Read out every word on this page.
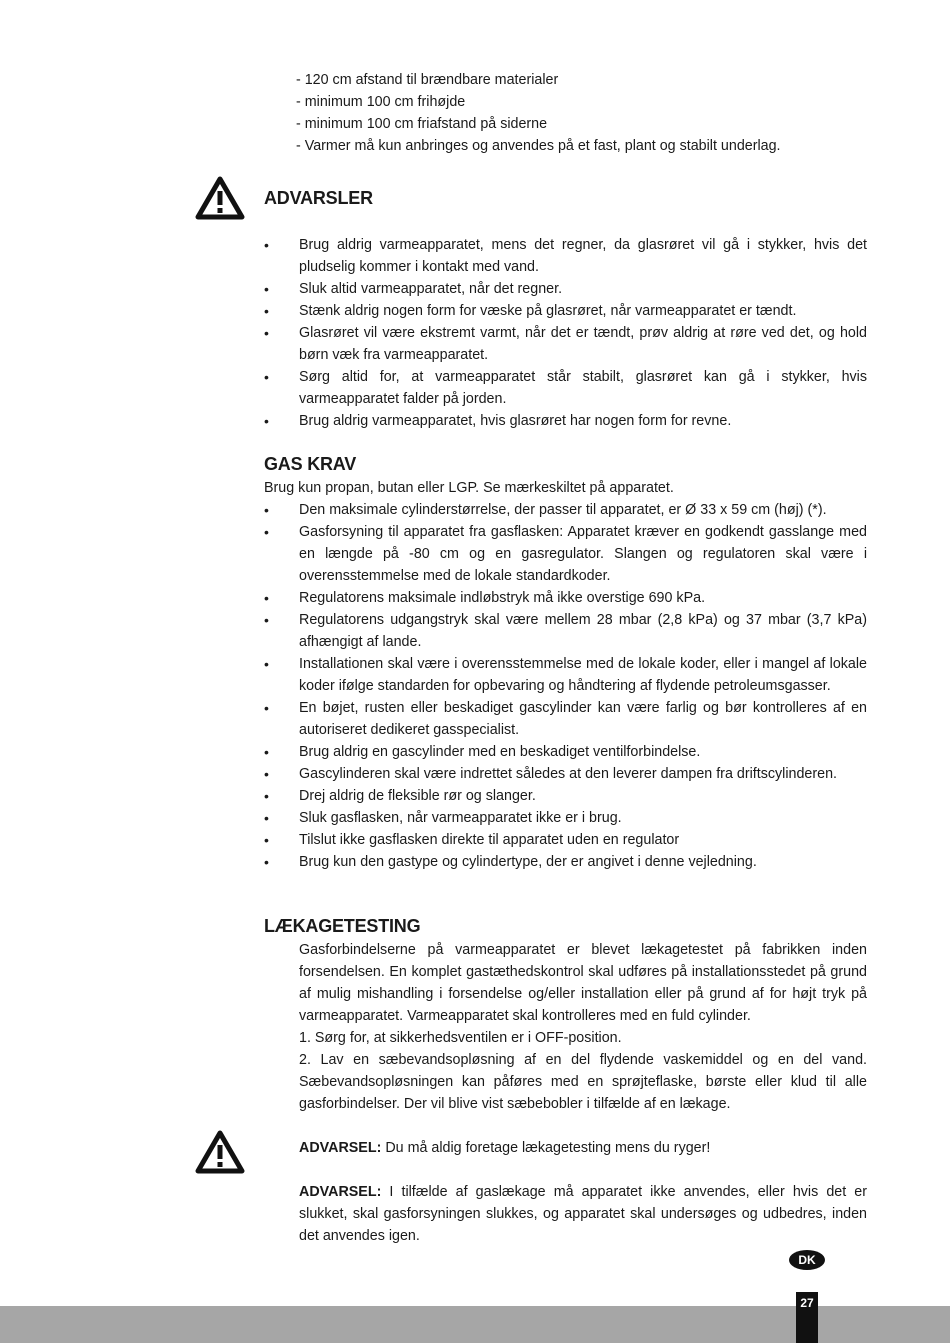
- 120 cm afstand til brændbare materialer
- minimum 100 cm frihøjde
- minimum 100 cm friafstand på siderne
- Varmer må kun anbringes og anvendes på et fast, plant og stabilt underlag.
ADVARSLER
• Brug aldrig varmeapparatet, mens det regner, da glasrøret vil gå i stykker, hvis det pludselig kommer i kontakt med vand.
• Sluk altid varmeapparatet, når det regner.
• Stænk aldrig nogen form for væske på glasrøret, når varmeapparatet er tændt.
• Glasrøret vil være ekstremt varmt, når det er tændt, prøv aldrig at røre ved det, og hold børn væk fra varmeapparatet.
• Sørg altid for, at varmeapparatet står stabilt, glasrøret kan gå i stykker, hvis varmeapparatet falder på jorden.
• Brug aldrig varmeapparatet, hvis glasrøret har nogen form for revne.
GAS KRAV

Brug kun propan, butan eller LGP. Se mærkeskiltet på apparatet.

• Den maksimale cylinderstørrelse, der passer til apparatet, er Ø 33 x 59 cm (høj) (*).
• Gasforsyning til apparatet fra gasflasken: Apparatet kræver en godkendt gasslange med en længde på -80 cm og en gasregulator. Slangen og regulatoren skal være i overensstemmelse med de lokale standardkoder.
• Regulatorens maksimale indløbstryk må ikke overstige 690 kPa.
• Regulatorens udgangstryk skal være mellem 28 mbar (2,8 kPa) og 37 mbar (3,7 kPa) afhængigt af lande.
• Installationen skal være i overensstemmelse med de lokale koder, eller i mangel af lokale koder ifølge standarden for opbevaring og håndtering af flydende petroleumsgasser.
• En bøjet, rusten eller beskadiget gascylinder kan være farlig og bør kontrolleres af en autoriseret dedikeret gasspecialist.
• Brug aldrig en gascylinder med en beskadiget ventilforbindelse.
• Gascylinderen skal være indrettet således at den leverer dampen fra driftscylinderen.
• Drej aldrig de fleksible rør og slanger.
• Sluk gasflasken, når varmeapparatet ikke er i brug.
• Tilslut ikke gasflasken direkte til apparatet uden en regulator
• Brug kun den gastype og cylindertype, der er angivet i denne vejledning.
LÆKAGETESTING

Gasforbindelserne på varmeapparatet er blevet lækagetestet på fabrikken inden forsendelsen. En komplet gastæthedskontrol skal udføres på installationsstedet på grund af mulig mishandling i forsendelse og/eller installation eller på grund af for højt tryk på varmeapparatet. Varmeapparatet skal kontrolleres med en fuld cylinder.

1. Sørg for, at sikkerhedsventilen er i OFF-position.

2. Lav en sæbevandsopløsning af en del flydende vaskemiddel og en del vand. Sæbevandsopløsningen kan påføres med en sprøjteflaske, børste eller klud til alle gasforbindelser. Der vil blive vist sæbebobler i tilfælde af en lækage.

ADVARSEL: Du må aldig foretage lækagetesting mens du ryger!

ADVARSEL: I tilfælde af gaslækage må apparatet ikke anvendes, eller hvis det er slukket, skal gasforsyningen slukkes, og apparatet skal undersøges og udbedres, inden det anvendes igen.

DK
27
